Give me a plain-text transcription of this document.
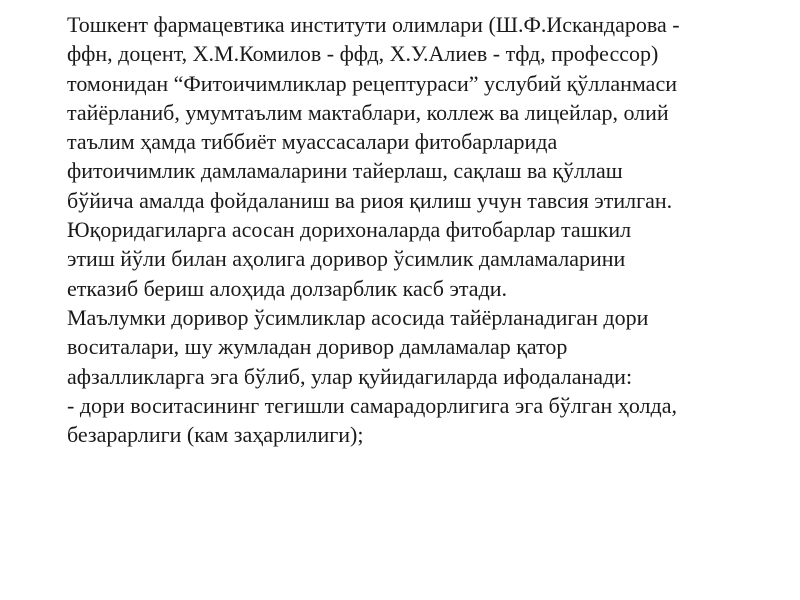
Тошкент фармацевтика институти олимлари (Ш.Ф.Искандарова -
ффн, доцент, Х.М.Комилов - ффд, Х.У.Алиев - тфд, профессор)
томонидан “Фитоичимликлар рецептураси” услубий қўлланмаси
тайёрланиб, умумтаълим мактаблари, коллеж ва лицейлар, олий
таълим ҳамда тиббиёт муассасалари фитобарларида
фитоичимлик дамламаларини тайерлаш, сақлаш ва қўллаш
бўйича амалда фойдаланиш ва риоя қилиш учун тавсия этилган.
Юқоридагиларга асосан дорихоналарда фитобарлар ташкил
этиш йўли билан аҳолига доривор ўсимлик дамламаларини
етказиб бериш алоҳида долзарблик касб этади.
Маълумки доривор ўсимликлар асосида тайёрланадиган дори
воситалари, шу жумладан доривор дамламалар қатор
афзалликларга эга бўлиб, улар қуйидагиларда ифодаланади:
- дори воситасининг тегишли самарадорлигига эга бўлган ҳолда,
безарарлиги (кам заҳарлилиги);
